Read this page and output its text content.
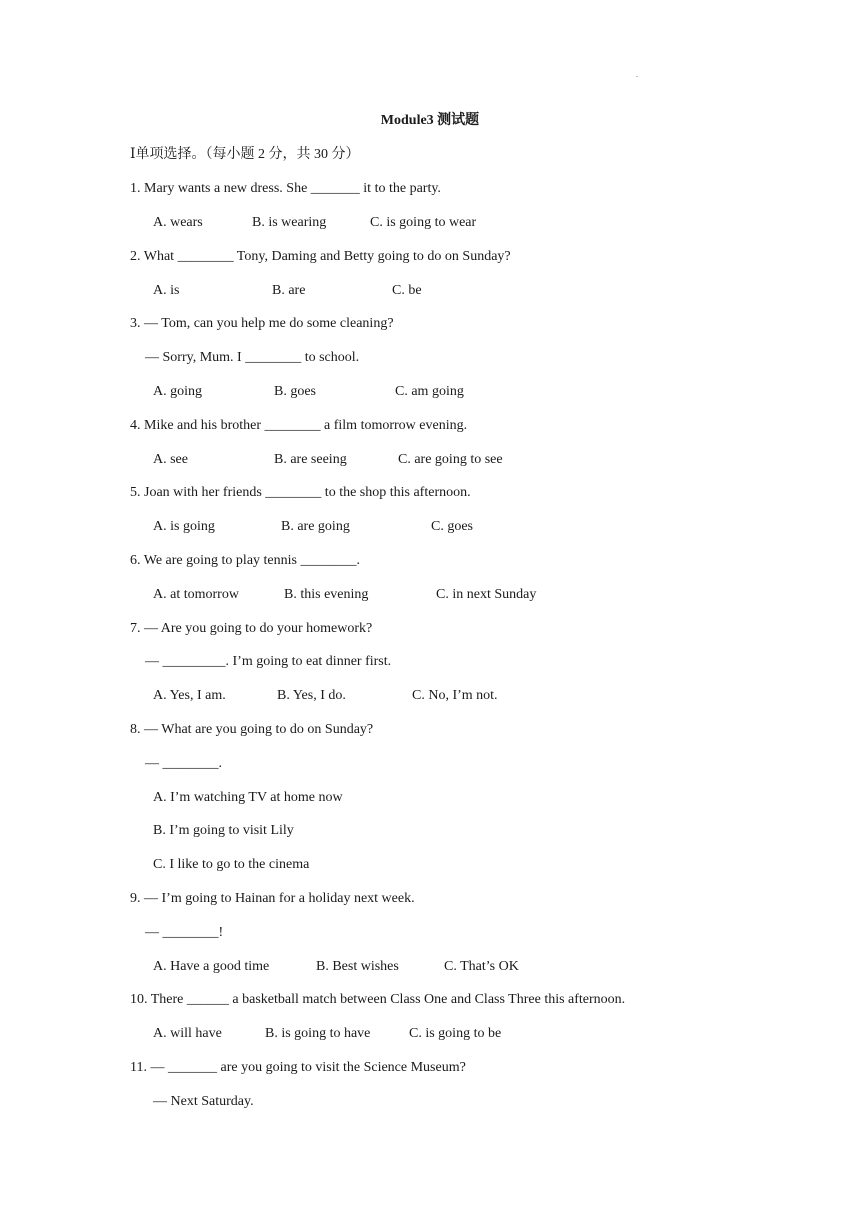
.
Module3 测试题
Ⅰ单项选择。（每小题 2 分，共 30 分）
1. Mary wants a new dress. She _______ it to the party.
A. wears	B. is wearing	C. is going to wear
2. What ________ Tony, Daming and Betty going to do on Sunday?
A. is	B. are	C. be
3. — Tom, can you help me do some cleaning?
— Sorry, Mum. I ________ to school.
A. going	B. goes	C. am going
4. Mike and his brother ________ a film tomorrow evening.
A. see	B. are seeing	C. are going to see
5. Joan with her friends ________ to the shop this afternoon.
A. is going	B. are going	C. goes
6. We are going to play tennis ________.
A. at tomorrow	B. this evening	C. in next Sunday
7. — Are you going to do your homework?
— _________. I’m going to eat dinner first.
A. Yes, I am.	B. Yes, I do.	C. No, I’m not.
8. — What are you going to do on Sunday?
— ________.
A. I’m watching TV at home now
B. I’m going to visit Lily
C. I like to go to the cinema
9. — I’m going to Hainan for a holiday next week.
— ________!
A. Have a good time	B. Best wishes	C. That’s OK
10. There ______ a basketball match between Class One and Class Three this afternoon.
A. will have	B. is going to have	C. is going to be
11. — _______ are you going to visit the Science Museum?
— Next Saturday.
